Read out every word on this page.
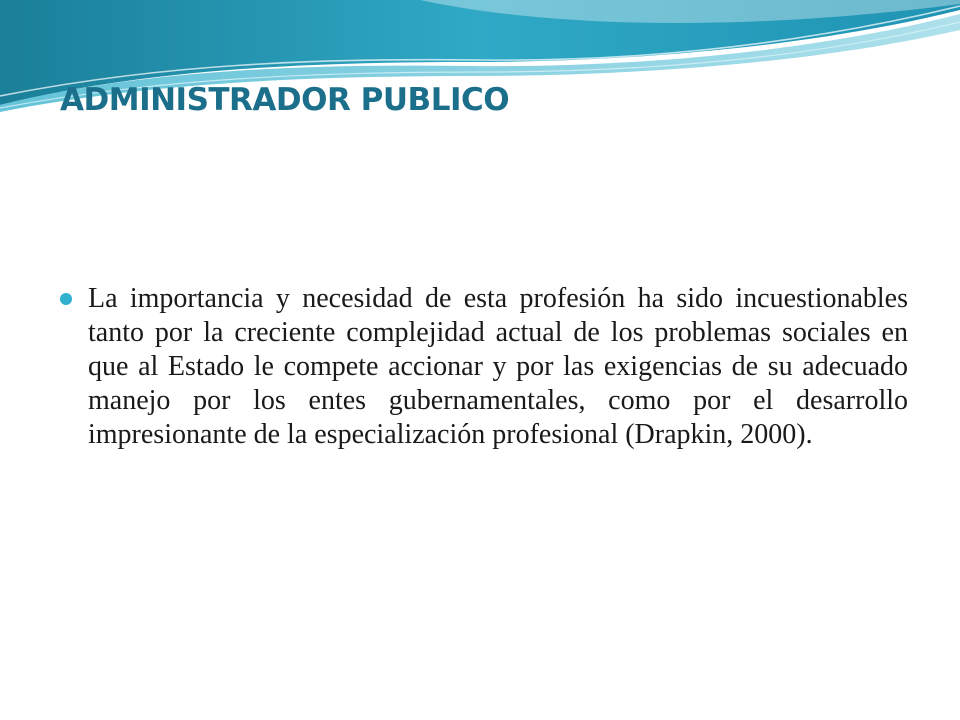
ADMINISTRADOR PUBLICO

La importancia y necesidad de esta profesión ha sido incuestionables tanto por la creciente complejidad actual de los problemas sociales en que al Estado le compete accionar y por las exigencias de su adecuado manejo por los entes gubernamentales, como por el desarrollo impresionante de la especialización profesional (Drapkin, 2000).
